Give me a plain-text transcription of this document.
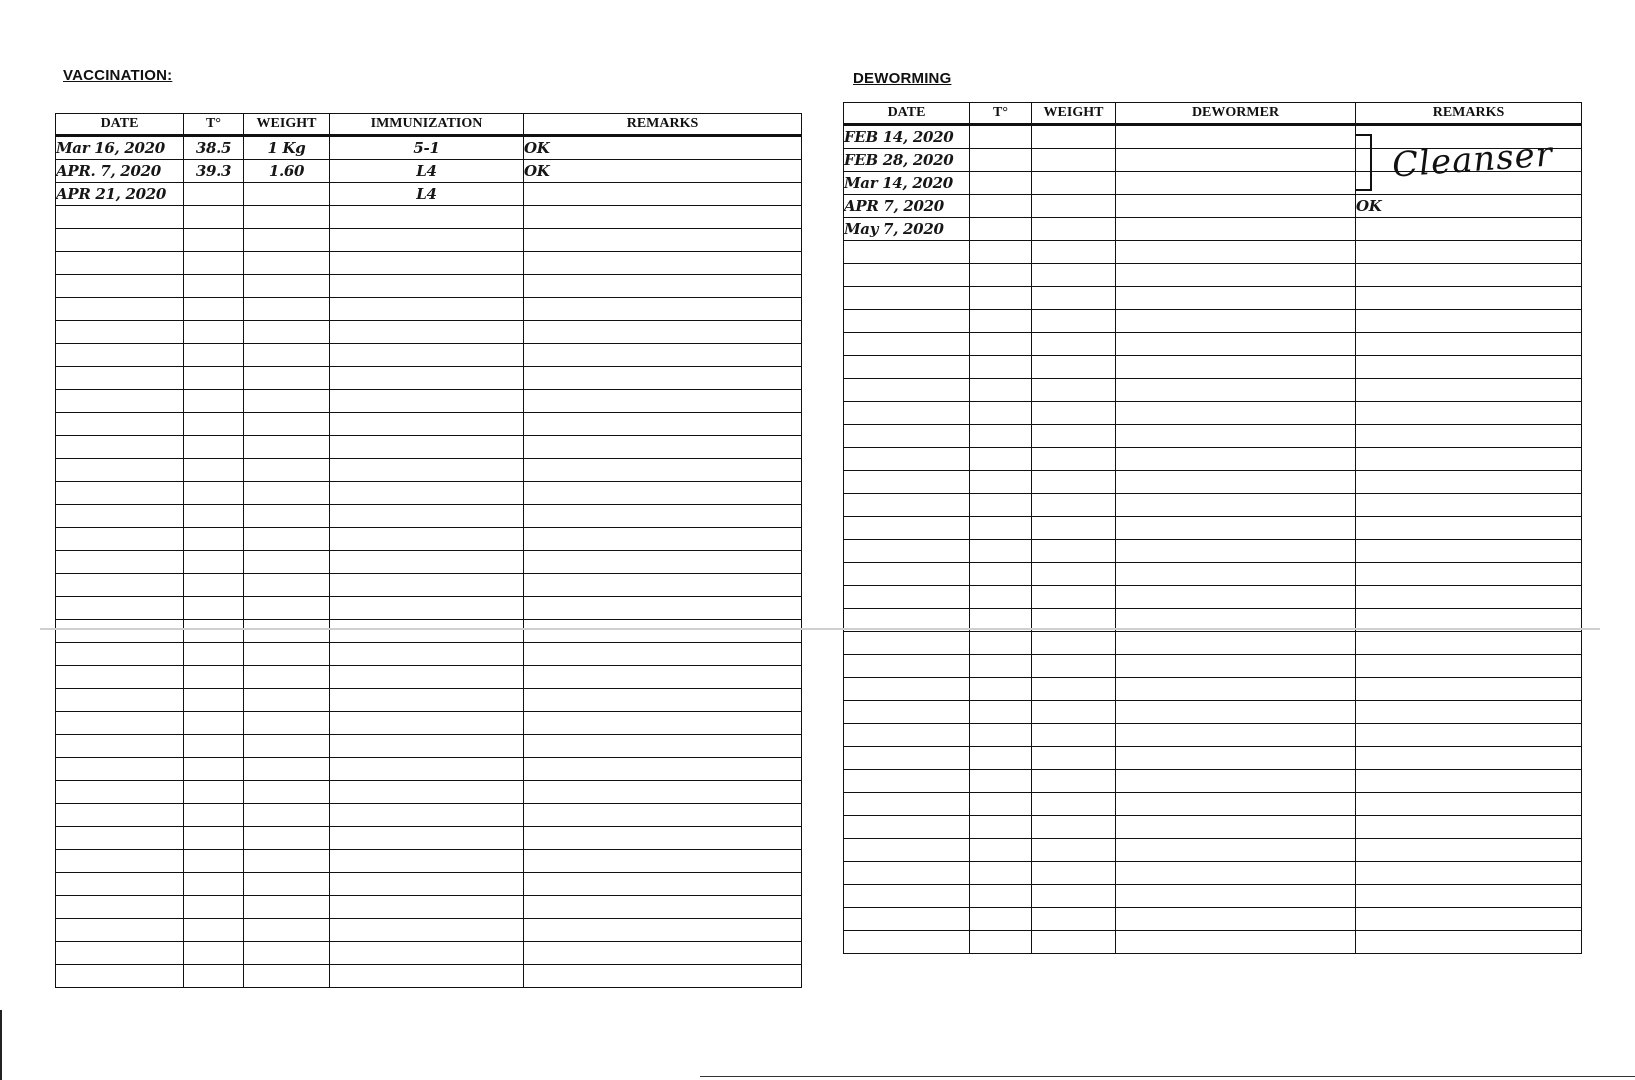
VACCINATION:
DATE	T°	WEIGHT	IMMUNIZATION	REMARKS
Mar 16, 2020	38.5	1 Kg	5-1	OK
APR. 7, 2020	39.3	1.60	L4	OK
APR 21, 2020			L4	

DEWORMING
DATE	T°	WEIGHT	DEWORMER	REMARKS
FEB 14, 2020				
FEB 28, 2020				
Mar 14, 2020				
APR 7, 2020				OK
May 7, 2020				

Cleanser
